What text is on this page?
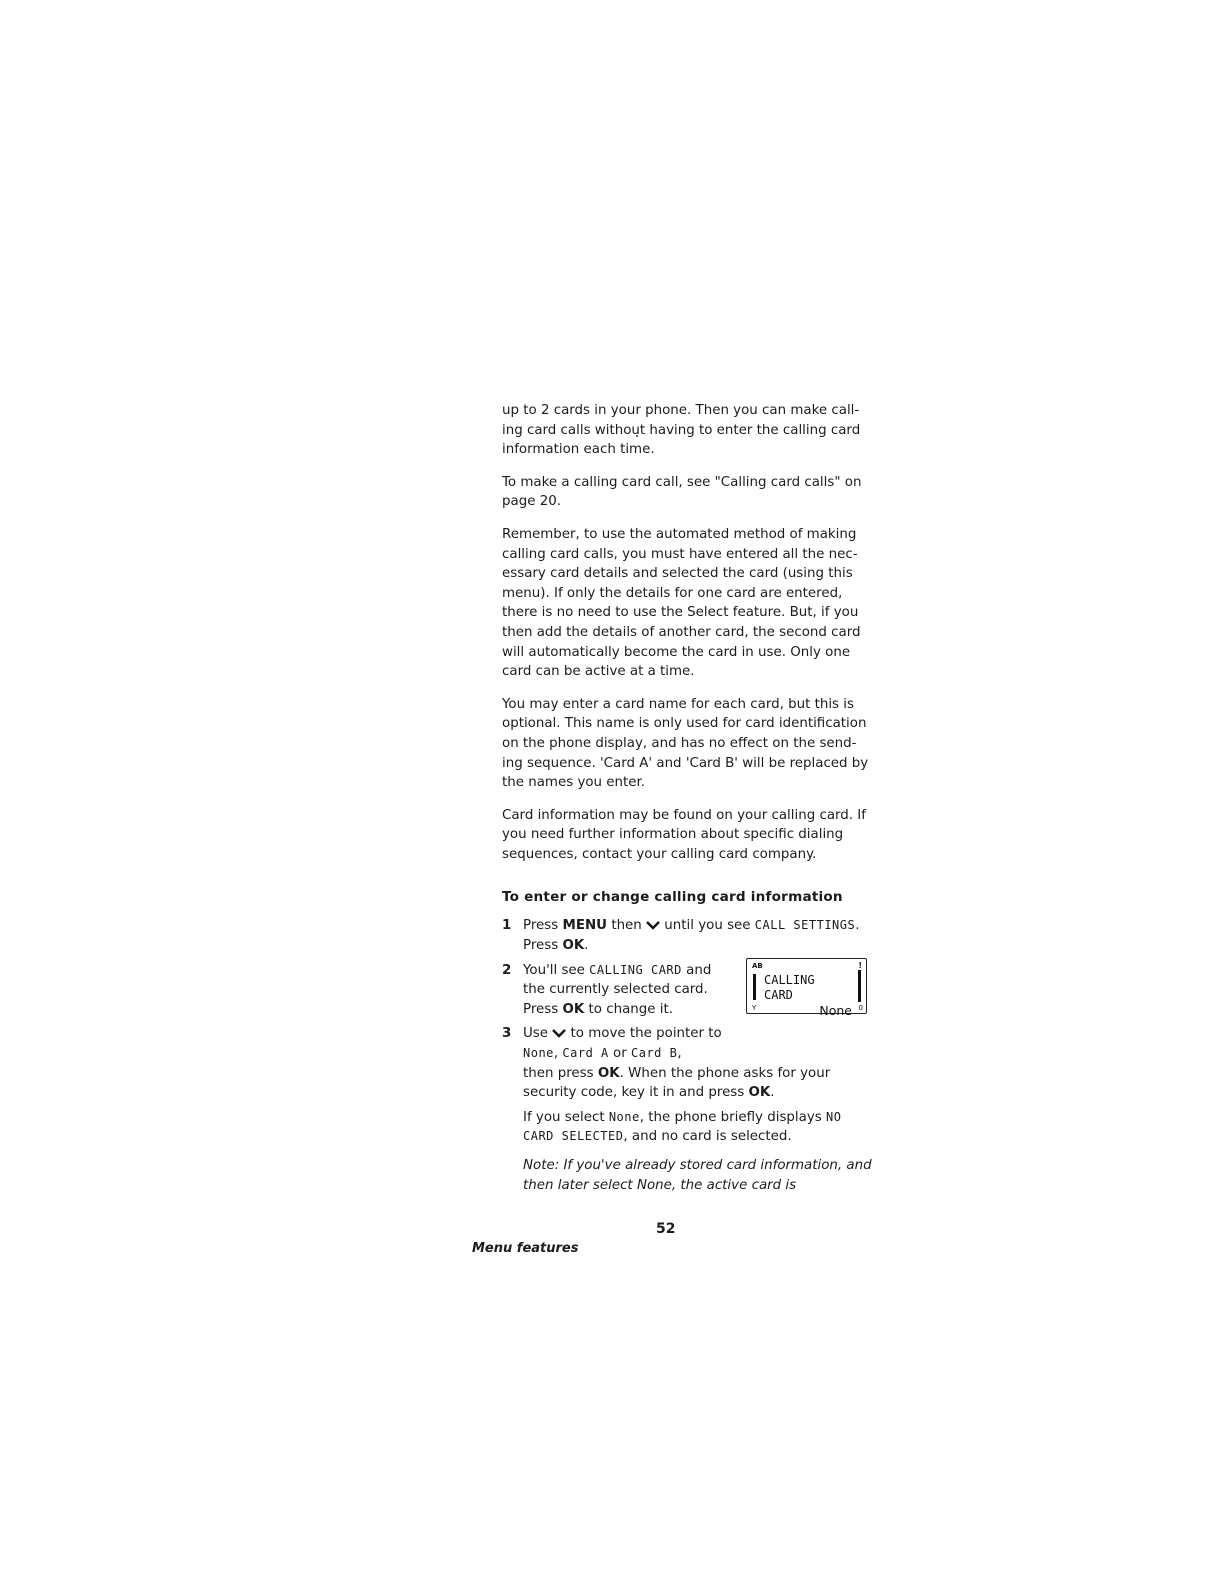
up to 2 cards in your phone. Then you can make call-ing card calls without having to enter the calling card information each time.

To make a calling card call, see "Calling card calls" on page 20.

Remember, to use the automated method of making calling card calls, you must have entered all the nec-essary card details and selected the card (using this menu). If only the details for one card are entered, there is no need to use the Select feature. But, if you then add the details of another card, the second card will automatically become the card in use. Only one card can be active at a time.

You may enter a card name for each card, but this is optional. This name is only used for card identification on the phone display, and has no effect on the send-ing sequence. 'Card A' and 'Card B' will be replaced by the names you enter.

Card information may be found on your calling card. If you need further information about specific dialing sequences, contact your calling card company.

To enter or change calling card information
1 Press MENU then  until you see CALL SETTINGS. Press OK.
2 You'll see CALLING CARD and the currently selected card. Press OK to change it.
3 Use  to move the pointer to None, Card A or Card B,
then press OK. When the phone asks for your security code, key it in and press OK.
If you select None, the phone briefly displays NO CARD SELECTED, and no card is selected.
Note: If you've already stored card information, and then later select None, the active card is
AB	!
CALLING
CARD
None
Y	0
52
Menu features
